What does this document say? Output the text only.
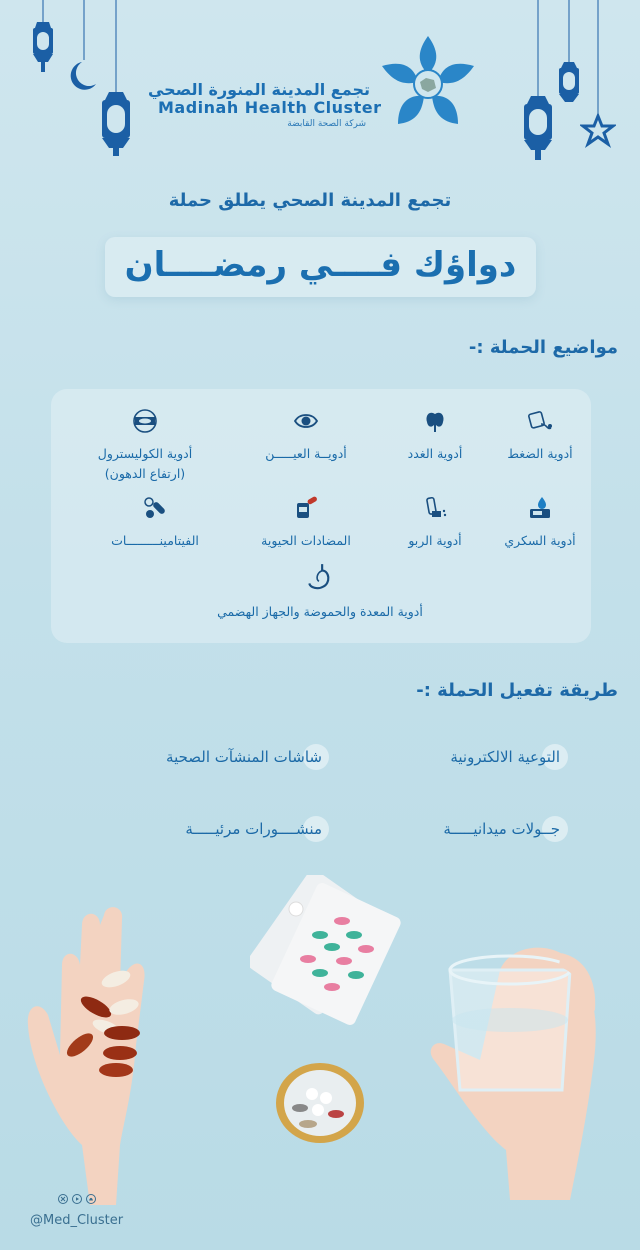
تجمع المدينة المنورة الصحي
Madinah Health Cluster
شركة الصحة القابضة
تجمع المدينة الصحي يطلق حملة
دواؤك فــــي رمضــــان
مواضيع الحملة :-
أدوية الضغط
أدوية الغدد
أدويــة العيـــــن
أدوية الكوليسترول
(ارتفاع الدهون)
أدوية السكري
أدوية الربو
المضادات الحيوية
الفيتامينـــــــــات
أدوية المعدة والحموضة والجهاز الهضمي
طريقة تفعيل الحملة :-
التوعية الالكترونية
شاشات المنشآت الصحية
جــولات ميدانيـــــة
منشــــورات مرئيـــــة
@Med_Cluster
